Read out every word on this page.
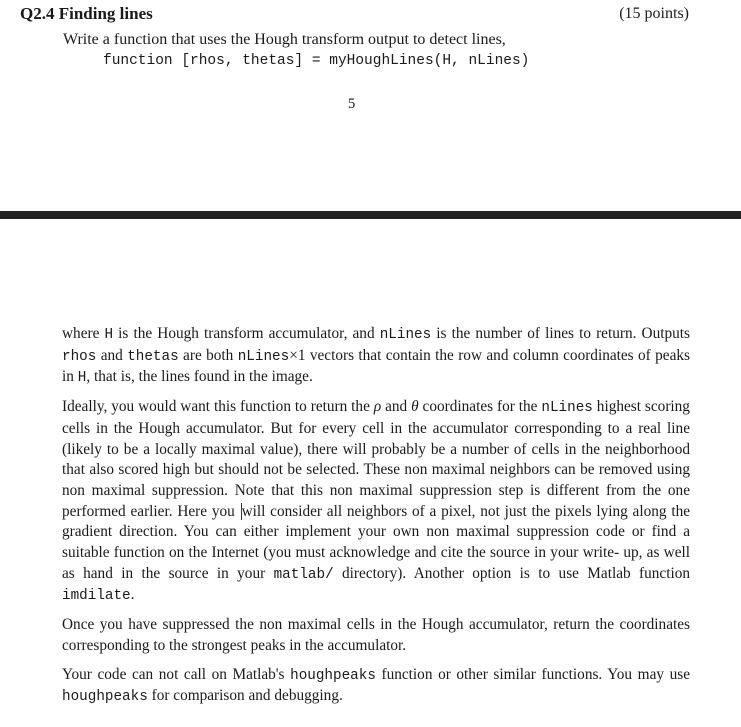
Q2.4 Finding lines	(15 points)
Write a function that uses the Hough transform output to detect lines,
function [rhos, thetas] = myHoughLines(H, nLines)
5

where H is the Hough transform accumulator, and nLines is the number of lines to return. Outputs rhos and thetas are both nLines×1 vectors that contain the row and column coordinates of peaks in H, that is, the lines found in the image.

Ideally, you would want this function to return the ρ and θ coordinates for the nLines highest scoring cells in the Hough accumulator. But for every cell in the accumulator corresponding to a real line (likely to be a locally maximal value), there will probably be a number of cells in the neighborhood that also scored high but should not be selected. These non maximal neighbors can be removed using non maximal suppression. Note that this non maximal suppression step is different from the one performed earlier. Here you will consider all neighbors of a pixel, not just the pixels lying along the gradient direction. You can either implement your own non maximal suppression code or find a suitable function on the Internet (you must acknowledge and cite the source in your write- up, as well as hand in the source in your matlab/ directory). Another option is to use Matlab function imdilate.

Once you have suppressed the non maximal cells in the Hough accumulator, return the coordinates corresponding to the strongest peaks in the accumulator.

Your code can not call on Matlab's houghpeaks function or other similar functions. You may use houghpeaks for comparison and debugging.
